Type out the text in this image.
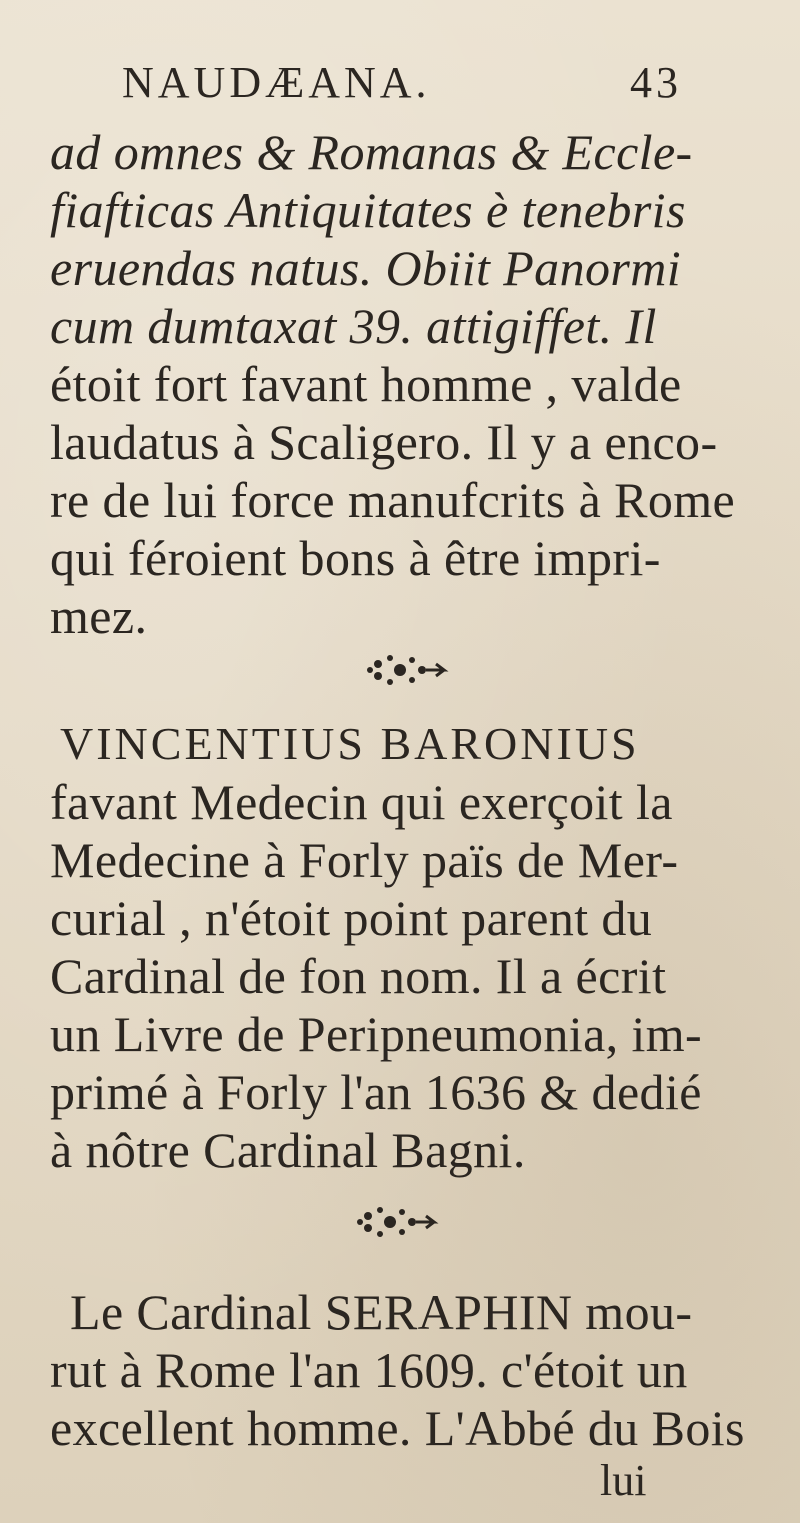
NAUDÆANA.	43
ad omnes & Romanas & Eccle-
fiafticas Antiquitates è tenebris
eruendas natus. Obiit Panormi
cum dumtaxat 39. attigiffet. Il
étoit fort favant homme , valde
laudatus à Scaligero. Il y a enco-
re de lui force manufcrits à Rome
qui féroient bons à être impri-
mez.
VINCENTIUS BARONIUS
favant Medecin qui exerçoit la
Medecine à Forly païs de Mer-
curial , n'étoit point parent du
Cardinal de fon nom. Il a écrit
un Livre de Peripneumonia, im-
primé à Forly l'an 1636 & dedié
à nôtre Cardinal Bagni.
Le Cardinal SERAPHIN mou-
rut à Rome l'an 1609. c'étoit un
excellent homme. L'Abbé du Bois
lui
